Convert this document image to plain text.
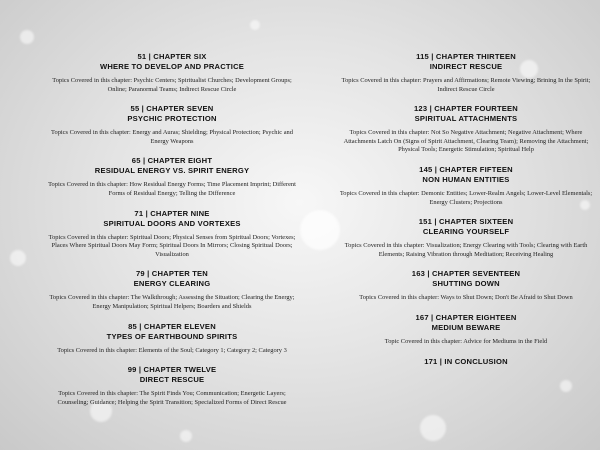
51 | CHAPTER SIX
WHERE TO DEVELOP AND PRACTICE
Topics Covered in this chapter: Psychic Centers; Spiritualist Churches; Development Groups; Online; Paranormal Teams; Indirect Rescue Circle
55 | CHAPTER SEVEN
PSYCHIC PROTECTION
Topics Covered in this chapter: Energy and Auras; Shielding; Physical Protection; Psychic and Energy Weapons
65 | CHAPTER EIGHT
RESIDUAL ENERGY VS. SPIRIT ENERGY
Topics Covered in this chapter: How Residual Energy Forms; Time Placement Imprint; Different Forms of Residual Energy; Telling the Difference
71 | CHAPTER NINE
SPIRITUAL DOORS AND VORTEXES
Topics Covered in this chapter: Spiritual Doors; Physical Senses from Spiritual Doors; Vortexes; Places Where Spiritual Doors May Form; Spiritual Doors In Mirrors; Closing Spiritual Doors; Visualization
79 | CHAPTER TEN
ENERGY CLEARING
Topics Covered in this chapter: The Walkthrough; Assessing the Situation; Clearing the Energy; Energy Manipulation; Spiritual Helpers; Boarders and Shields
85 | CHAPTER ELEVEN
TYPES OF EARTHBOUND SPIRITS
Topics Covered in this chapter: Elements of the Soul; Category 1; Category 2; Category 3
99 | CHAPTER TWELVE
DIRECT RESCUE
Topics Covered in this chapter: The Spirit Finds You; Communication; Energetic Layers; Counseling; Guidance; Helping the Spirit Transition; Specialized Forms of Direct Rescue
115 | CHAPTER THIRTEEN
INDIRECT RESCUE
Topics Covered in this chapter: Prayers and Affirmations; Remote Viewing; Brining In the Spirit; Indirect Rescue Circle
123 | CHAPTER FOURTEEN
SPIRITUAL ATTACHMENTS
Topics Covered in this chapter: Not So Negative Attachment; Negative Attachment; Where Attachments Latch On (Signs of Spirit Attachment, Clearing Team); Removing the Attachment; Physical Tools; Energetic Stimulation; Spiritual Help
145 | CHAPTER FIFTEEN
NON HUMAN ENTITIES
Topics Covered in this chapter: Demonic Entities; Lower-Realm Angels; Lower-Level Elementals; Energy Clusters; Projections
151 | CHAPTER SIXTEEN
CLEARING YOURSELF
Topics Covered in this chapter: Visualization; Energy Clearing with Tools; Clearing with Earth Elements; Raising Vibration through Meditation; Receiving Healing
163 | CHAPTER SEVENTEEN
SHUTTING DOWN
Topics Covered in this chapter: Ways to Shut Down; Don't Be Afraid to Shut Down
167 | CHAPTER EIGHTEEN
MEDIUM BEWARE
Topic Covered in this chapter: Advice for Mediums in the Field
171 | IN CONCLUSION
